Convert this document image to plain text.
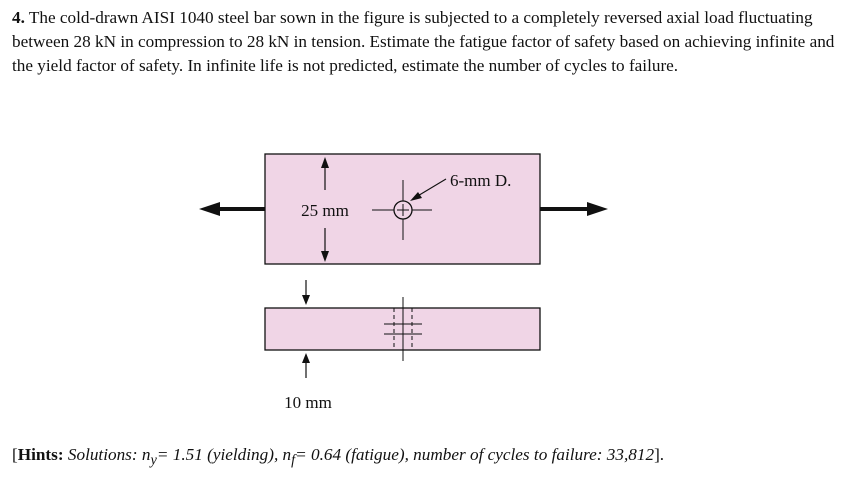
4. The cold-drawn AISI 1040 steel bar sown in the figure is subjected to a completely reversed axial load fluctuating between 28 kN in compression to 28 kN in tension. Estimate the fatigue factor of safety based on achieving infinite and the yield factor of safety. In infinite life is not predicted, estimate the number of cycles to failure.
25 mm
6-mm D.
10 mm
[Hints: Solutions: $n_y= 1.51$ (yielding), $n_f= 0.64$ (fatigue), number of cycles to failure: 33,812].
